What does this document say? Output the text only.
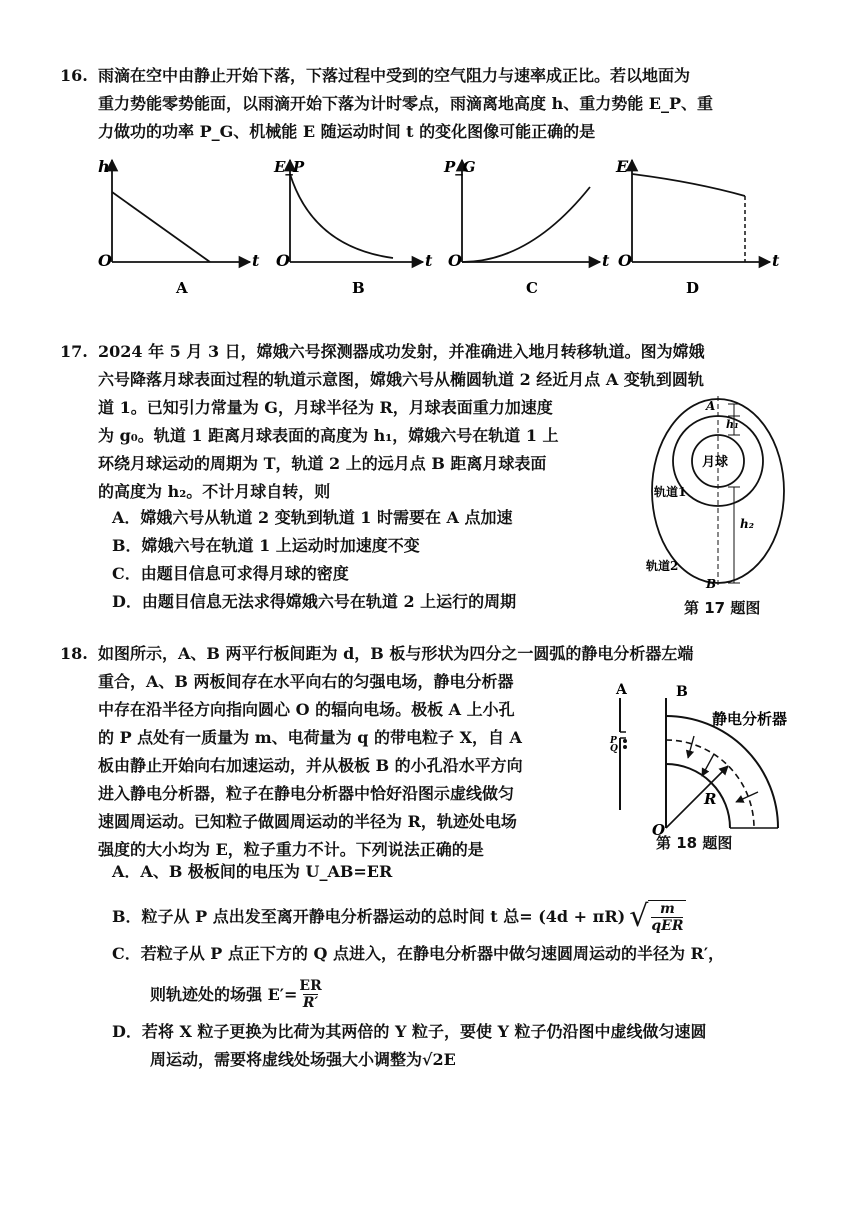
16. 雨滴在空中由静止开始下落，下落过程中受到的空气阻力与速率成正比。若以地面为
重力势能零势能面，以雨滴开始下落为计时零点，雨滴离地高度 h、重力势能 E_P、重
力做功的功率 P_G、机械能 E 随运动时间 t 的变化图像可能正确的是
h
O	t
A
E_P
O	t
B
P_G
O	t
C
E
O	t
D
17. 2024 年 5 月 3 日，嫦娥六号探测器成功发射，并准确进入地月转移轨道。图为嫦娥
六号降落月球表面过程的轨道示意图，嫦娥六号从椭圆轨道 2 经近月点 A 变轨到圆轨
道 1。已知引力常量为 G，月球半径为 R，月球表面重力加速度
为 g₀。轨道 1 距离月球表面的高度为 h₁，嫦娥六号在轨道 1 上
环绕月球运动的周期为 T，轨道 2 上的远月点 B 距离月球表面
的高度为 h₂。不计月球自转，则
A．嫦娥六号从轨道 2 变轨到轨道 1 时需要在 A 点加速
B．嫦娥六号在轨道 1 上运动时加速度不变
C．由题目信息可求得月球的密度
D．由题目信息无法求得嫦娥六号在轨道 2 上运行的周期
A
h₁
月球
轨道1
h₂
轨道2
B
第 17 题图
18. 如图所示，A、B 两平行板间距为 d，B 板与形状为四分之一圆弧的静电分析器左端
重合，A、B 两板间存在水平向右的匀强电场，静电分析器
中存在沿半径方向指向圆心 O 的辐向电场。极板 A 上小孔
的 P 点处有一质量为 m、电荷量为 q 的带电粒子 X，自 A
板由静止开始向右加速运动，并从极板 B 的小孔沿水平方向
进入静电分析器，粒子在静电分析器中恰好沿图示虚线做匀
速圆周运动。已知粒子做圆周运动的半径为 R，轨迹处电场
强度的大小均为 E，粒子重力不计。下列说法正确的是
A	B
P
Q
静电分析器
R
O
第 18 题图
A．A、B 极板间的电压为 U_AB=ER
B．粒子从 P 点出发至离开静电分析器运动的总时间 t 总= (4d + πR) √ m
qER
C．若粒子从 P 点正下方的 Q 点进入，在静电分析器中做匀速圆周运动的半径为 R′，
则轨迹处的场强 $E'= \frac{ER}{R'}$
D．若将 X 粒子更换为比荷为其两倍的 Y 粒子，要使 Y 粒子仍沿图中虚线做匀速圆
周运动，需要将虚线处场强大小调整为√2E
